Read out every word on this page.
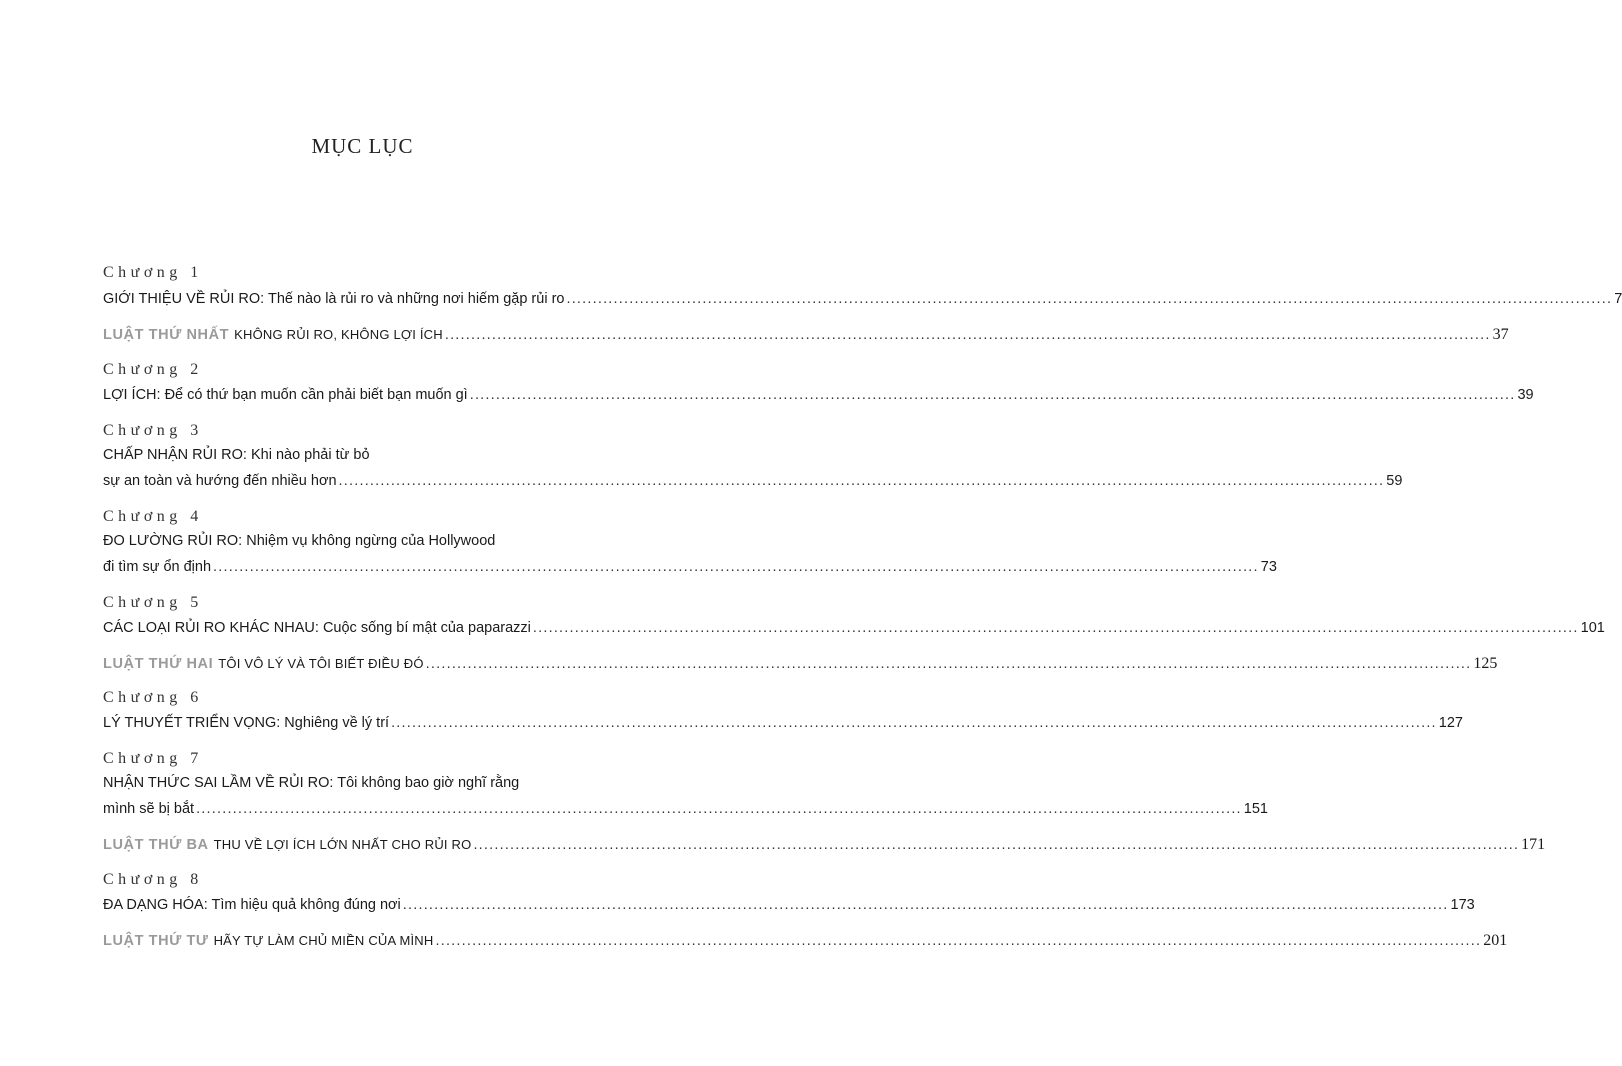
MỤC LỤC
Chương 1
GIỚI THIỆU VỀ RỦI RO: Thế nào là rủi ro và những nơi hiếm gặp rủi ro .....	7
LUẬT THỨ NHẤT KHÔNG RỦI RO, KHÔNG LỢI ÍCH .....	37
Chương 2
LỢI ÍCH: Để có thứ bạn muốn cần phải biết bạn muốn gì .....	39
Chương 3
CHẤP NHẬN RỦI RO: Khi nào phải từ bỏ
sự an toàn và hướng đến nhiều hơn .....	59
Chương 4
ĐO LƯỜNG RỦI RO: Nhiệm vụ không ngừng của Hollywood
đi tìm sự ổn định .....	73
Chương 5
CÁC LOẠI RỦI RO KHÁC NHAU: Cuộc sống bí mật của paparazzi .....	101
LUẬT THỨ HAI TÔI VÔ LÝ VÀ TÔI BIẾT ĐIỀU ĐÓ .....	125
Chương 6
LÝ THUYẾT TRIỂN VỌNG: Nghiêng về lý trí .....	127
Chương 7
NHẬN THỨC SAI LẦM VỀ RỦI RO: Tôi không bao giờ nghĩ rằng
mình sẽ bị bắt .....	151
LUẬT THỨ BA THU VỀ LỢI ÍCH LỚN NHẤT CHO RỦI RO .....	171
Chương 8
ĐA DẠNG HÓA: Tìm hiệu quả không đúng nơi .....	173
LUẬT THỨ TƯ HÃY TỰ LÀM CHỦ MIỀN CỦA MÌNH .....	201
